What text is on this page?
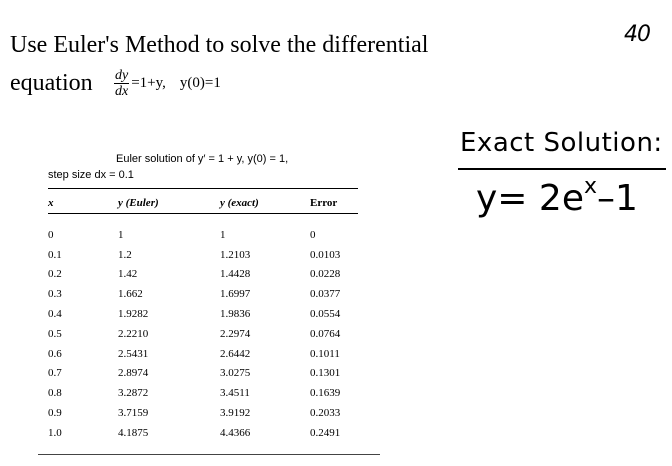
40
Use Euler's Method to solve the differential
equation $\frac{dy}{dx} =1+y$, y(0)=1
Euler solution of y′ = 1 + y, y(0) = 1,
step size dx = 0.1
x	y (Euler)	y (exact)	Error
0	1	1	0
0.1	1.2	1.2103	0.0103
0.2	1.42	1.4428	0.0228
0.3	1.662	1.6997	0.0377
0.4	1.9282	1.9836	0.0554
0.5	2.2210	2.2974	0.0764
0.6	2.5431	2.6442	0.1011
0.7	2.8974	3.0275	0.1301
0.8	3.2872	3.4511	0.1639
0.9	3.7159	3.9192	0.2033
1.0	4.1875	4.4366	0.2491
Exact Solution:
$y= 2e^x-1$
